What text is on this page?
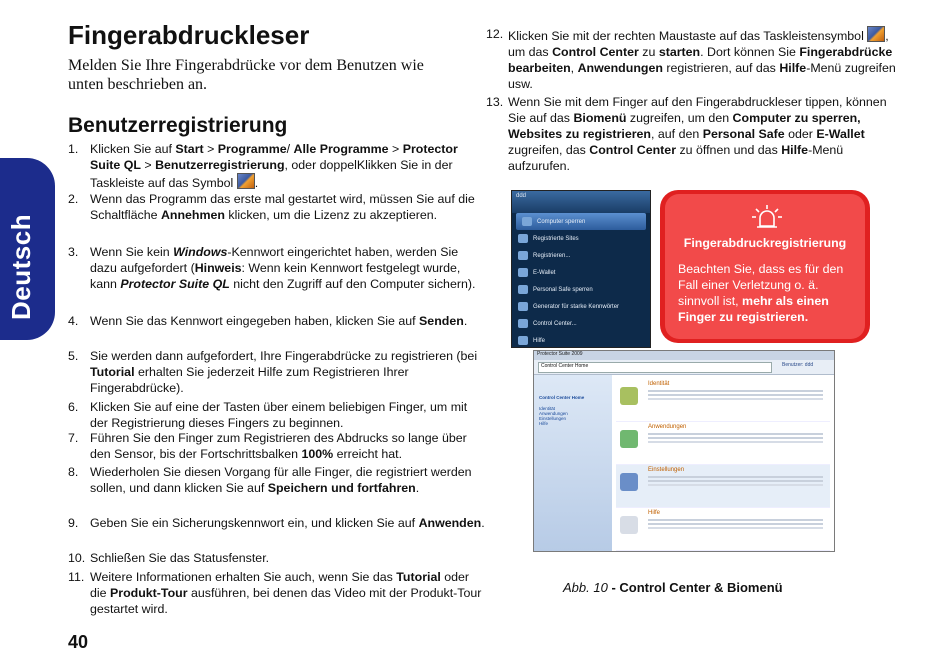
Deutsch
Fingerabdruckleser

Melden Sie Ihre Fingerabdrücke vor dem Benutzen wie unten beschrieben an.

Benutzerregistrierung
1. Klicken Sie auf Start > Programme/ Alle Programme > Protector Suite QL > Benutzerregistrierung, oder doppelKlikken Sie in der Taskleiste auf das Symbol .
2. Wenn das Programm das erste mal gestartet wird, müssen Sie auf die Schaltfläche Annehmen klicken, um die Lizenz zu akzeptieren.
3. Wenn Sie kein Windows-Kennwort eingerichtet haben, werden Sie dazu aufgefordert (Hinweis: Wenn kein Kennwort festgelegt wurde, kann Protector Suite QL nicht den Zugriff auf den Computer sichern).
4. Wenn Sie das Kennwort eingegeben haben, klicken Sie auf Senden.
5. Sie werden dann aufgefordert, Ihre Fingerabdrücke zu registrieren (bei Tutorial erhalten Sie jederzeit Hilfe zum Registrieren Ihrer Fingerabdrücke).
6. Klicken Sie auf eine der Tasten über einem beliebigen Finger, um mit der Registrierung dieses Fingers zu beginnen.
7. Führen Sie den Finger zum Registrieren des Abdrucks so lange über den Sensor, bis der Fortschrittsbalken 100% erreicht hat.
8. Wiederholen Sie diesen Vorgang für alle Finger, die registriert werden sollen, und dann klicken Sie auf Speichern und fortfahren.
9. Geben Sie ein Sicherungskennwort ein, und klicken Sie auf Anwenden.
10. Schließen Sie das Statusfenster.
11. Weitere Informationen erhalten Sie auch, wenn Sie das Tutorial oder die Produkt-Tour ausführen, bei denen das Video mit der Produkt-Tour gestartet wird.
12. Klicken Sie mit der rechten Maustaste auf das Taskleistensymbol , um das Control Center zu starten. Dort können Sie Fingerabdrücke bearbeiten, Anwendungen registrieren, auf das Hilfe-Menü zugreifen usw.
13. Wenn Sie mit dem Finger auf den Fingerabdruckleser tippen, können Sie auf das Biomenü zugreifen, um den Computer zu sperren, Websites zu registrieren, auf den Personal Safe oder E-Wallet zugreifen, das Control Center zu öffnen und das Hilfe-Menü aufzurufen.
ddd
Computer sperren
Registrierte Sites
Registrieren...
E-Wallet
Personal Safe sperren
Generator für starke Kennwörter
Control Center...
Hilfe
Fingerabdruckregistrierung
Beachten Sie, dass es für den Fall einer Verletzung o. ä. sinnvoll ist, mehr als einen Finger zu registrieren.
Protector Suite 2009
Control Center Home	Benutzer: ddd
Control Center Home
Identität
Anwendungen
Einstellungen
Hilfe
Identität
Anwendungen
Einstellungen
Hilfe
Abb. 10 - Control Center & Biomenü
40
